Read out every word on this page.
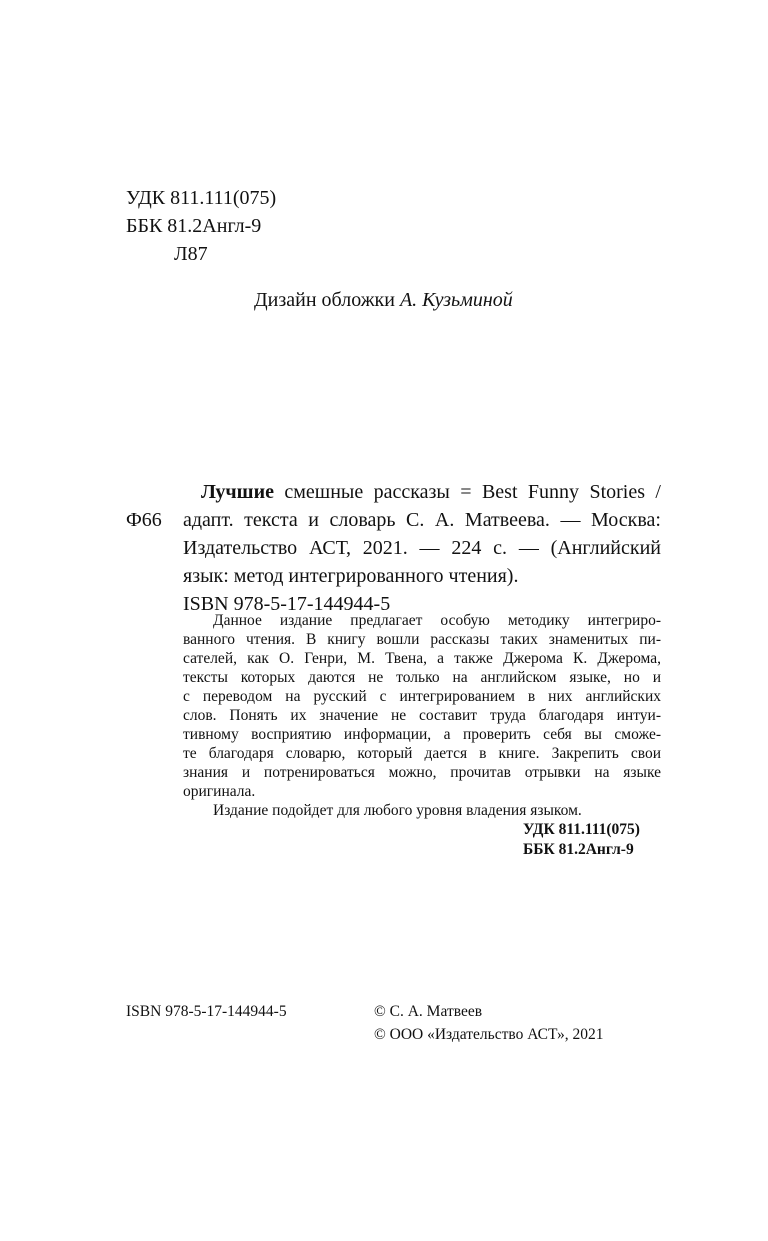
УДК 811.111(075)
ББК 81.2Англ-9
Л87
Дизайн обложки А. Кузьминой
Ф66
Лучшие смешные рассказы = Best Funny Stories /
адапт. текста и словарь С. А. Матвеева. — Москва:
Издательство АСТ, 2021. — 224 с. — (Английский
язык: метод интегрированного чтения).
ISBN 978-5-17-144944-5
Данное издание предлагает особую методику интегриро-
ванного чтения. В книгу вошли рассказы таких знаменитых пи-
сателей, как О. Генри, М. Твена, а также Джерома К. Джерома,
тексты которых даются не только на английском языке, но и
с переводом на русский с интегрированием в них английских
слов. Понять их значение не составит труда благодаря интуи-
тивному восприятию информации, а проверить себя вы сможе-
те благодаря словарю, который дается в книге. Закрепить свои
знания и потренироваться можно, прочитав отрывки на языке
оригинала.
Издание подойдет для любого уровня владения языком.
УДК 811.111(075)
ББК 81.2Англ-9
ISBN 978-5-17-144944-5	© С. А. Матвеев
© ООО «Издательство АСТ», 2021
